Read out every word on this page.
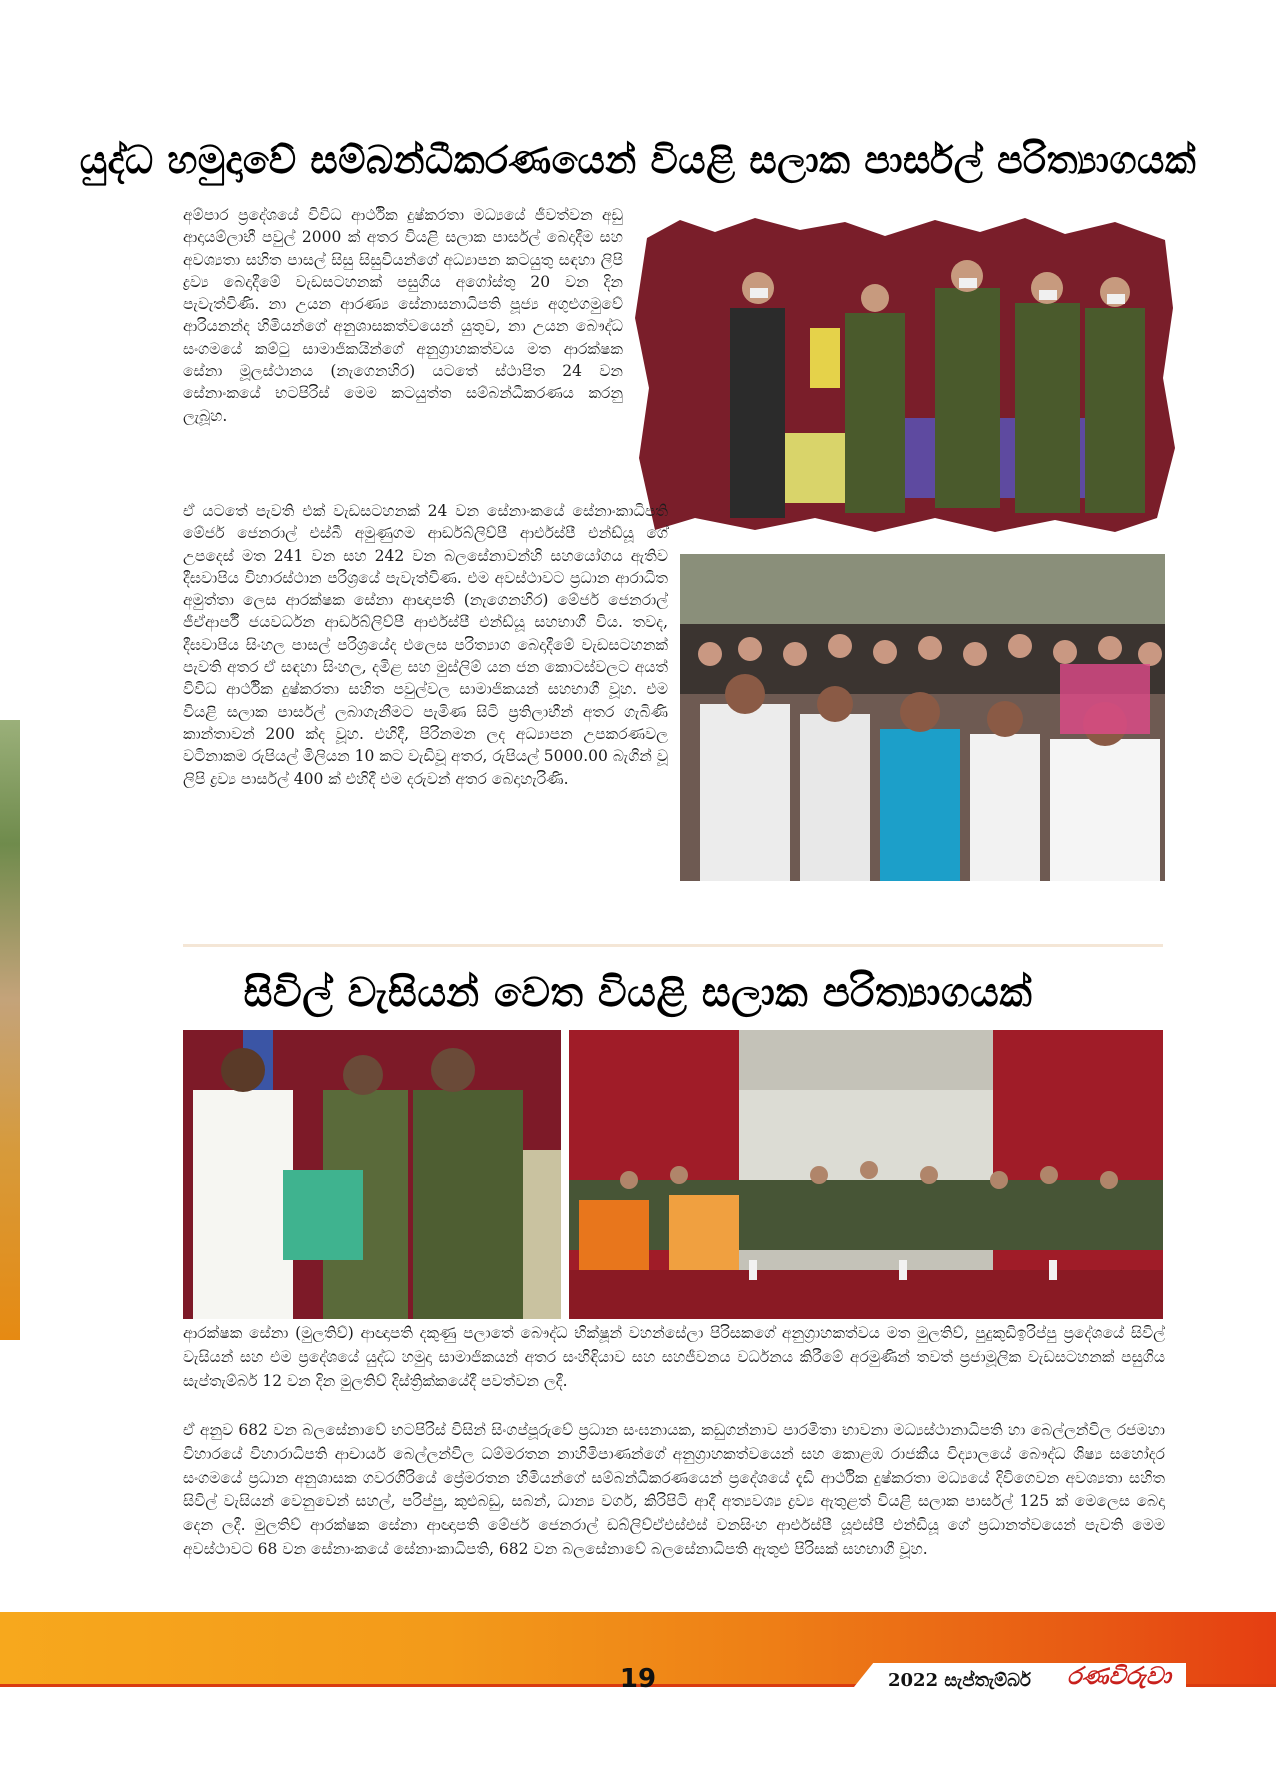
යුද්ධ හමුදාවේ සම්බන්ධීකරණයෙන් වියළි සලාක පාර්සල් පරිත්‍යාගයක්

අම්පාර ප්‍රදේශයේ විවිධ ආර්ථික දුෂ්කරතා මධ්‍යයේ ජීවත්වන අඩු ආදායම්ලාභී පවුල් 2000 ක් අතර වියළි සලාක පාර්සල් බෙදාදීම සහ අවශ්‍යතා සහිත පාසල් සිසු සිසුවියන්ගේ අධ්‍යාපන කටයුතු සඳහා ලිපි ද්‍රව්‍ය බෙදාදීමේ වැඩසටහනක් පසුගිය අගෝස්තු 20 වන දින පැවැත්විණි. නා උයන ආරණ්‍ය සේනාසනාධිපති පූජ්‍ය අගුළුගමුවේ ආරියනන්ද හිමියන්ගේ අනුශාසකත්වයෙන් යුතුව, නා උයන බෞද්ධ සංගමයේ කම්ටු සාමාජිකයින්ගේ අනුග්‍රාහකත්වය මත ආරක්ෂක සේනා මූලස්ථානය (නැගෙනහිර) යටතේ ස්ථාපිත 24 වන සේනාංකයේ භටපිරිස් මෙම කටයුත්ත සම්බන්ධීකරණය කරනු ලැබූහ.

ඒ යටතේ පැවති එක් වැඩසටහනක් 24 වන සේනාංකයේ සේනාංකාධිපති මේජර් ජෙනරාල් එස්බී අමුණුගම ආර්ඩබ්ලිව්පී ආර්එස්පී එන්ඩ්යූ ගේ උපදෙස් මත 241 වන සහ 242 වන බලසේනාවන්හි සහයෝගය ඇතිව දීඝවාපිය විහාරස්ථාන පරිශ්‍රයේ පැවැත්විණ. එම අවස්ථාවට ප්‍රධාන ආරාධිත අමුත්තා ලෙස ආරක්ෂක සේනා ආඥාපති (නැගෙනහිර) මේජර් ජෙනරාල් ජීඒආර්පී ජයවර්ධන ආර්ඩබ්ලිව්පී ආර්එස්පී එන්ඩ්යූ සහභාගී විය. තවද, දීඝවාපිය සිංහල පාසල් පරිශ්‍රයේද එලෙස පරිත්‍යාග බෙදාදීමේ වැඩසටහනක් පැවති අතර ඒ සඳහා සිංහල, දමිළ සහ මුස්ලිම් යන ජන කොටස්වලට අයත් විවිධ ආර්ථික දුෂ්කරතා සහිත පවුල්වල සාමාජිකයන් සහභාගී වූහ. එම වියළි සලාක පාර්සල් ලබාගැනීමට පැමිණ සිටි ප්‍රතිලාභීන් අතර ගැබිණි කාන්තාවන් 200 ක්ද වූහ. එහිදී, පිරිනමන ලද අධ්‍යාපන උපකරණවල වටිනාකම රුපියල් මිලියන 10 කට වැඩිවූ අතර, රුපියල් 5000.00 බැගින් වූ ලිපි ද්‍රව්‍ය පාර්සල් 400 ක් එහිදී එම දරුවන් අතර බෙදාහැරිණි.

සිවිල් වැසියන් වෙත වියළි සලාක පරිත්‍යාගයක්

ආරක්ෂක සේනා (මුලතිව්) ආඥාපති දකුණු පලාතේ බෞද්ධ භික්ෂූන් වහන්සේලා පිරිසකගේ අනුග්‍රාහකත්වය මත මුලතිව්, පුදුකුඩිඉරිප්පු ප්‍රදේශයේ සිවිල් වැසියන් සහ එම ප්‍රදේශයේ යුද්ධ හමුදා සාමාජිකයන් අතර සංහිඳියාව සහ සහජීවනය වර්ධනය කිරීමේ අරමුණින් තවත් ප්‍රජාමූලික වැඩසටහනක් පසුගිය සැප්තැම්බර් 12 වන දින මුලතිව් දිස්ත්‍රික්කයේදී පවත්වන ලදී.

ඒ අනුව 682 වන බලසේනාවේ භටපිරිස් විසින් සිංගප්පූරුවේ ප්‍රධාන සංඝනායක, කඩුගන්නාව පාරමිතා භාවනා මධ්‍යස්ථානාධිපති හා බෙල්ලන්විල රජමහා විහාරයේ විහාරාධිපති ආචාර්ය බෙල්ලන්විල ධම්මරතන නාහිමිපාණන්ගේ අනුග්‍රාහකත්වයෙන් සහ කොළඹ රාජකීය විද්‍යාලයේ බෞද්ධ ශිෂ්‍ය සහෝදර සංගමයේ ප්‍රධාන අනුශාසක ගවරගිරියේ ප්‍රේමරතන හිමියන්ගේ සම්බන්ධීකරණයෙන් ප්‍රදේශයේ දැඩි ආර්ථික දුෂ්කරතා මධ්‍යයේ දිවිගෙවන අවශ්‍යතා සහිත සිවිල් වැසියන් වෙනුවෙන් සහල්, පරිප්පු, කුළුබඩු, සබන්, ධාන්‍ය වර්ග, කිරිපිටි ආදී අත්‍යවශ්‍ය ද්‍රව්‍ය ඇතුළත් වියළි සලාක පාර්සල් 125 ක් මෙලෙස බෙදා දෙන ලදී. මුලතිව් ආරක්ෂක සේනා ආඥාපති මේජර් ජෙනරාල් ඩබ්ලිව්ඒඑස්එස් වනසිංහ ආර්එස්පී යූඑස්පී එන්ඩියූ ගේ ප්‍රධානත්වයෙන් පැවති මෙම අවස්ථාවට 68 වන සේනාංකයේ සේනාංකාධිපති, 682 වන බලසේනාවේ බලසේනාධිපති ඇතුළු පිරිසක් සහභාගී වූහ.

19	2022 සැප්තැම්බර් රණවිරුවා
